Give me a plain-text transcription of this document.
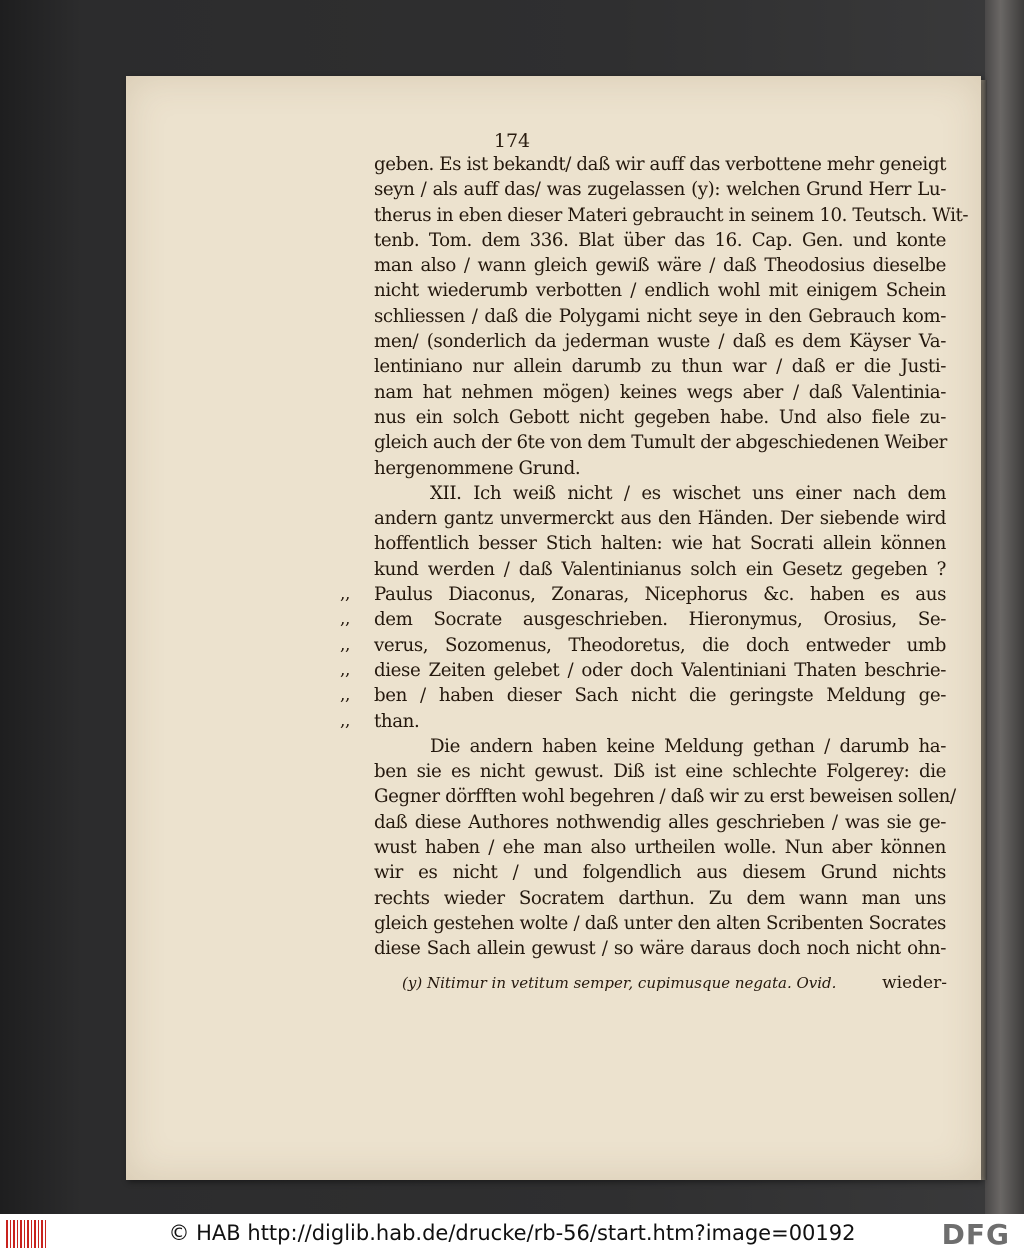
174
geben. Es ist bekandt/ daß wir auff das verbottene mehr geneigt
seyn / als auff das/ was zugelassen (y): welchen Grund Herr Lu-
therus in eben dieser Materi gebraucht in seinem 10. Teutsch. Wit-
tenb. Tom. dem 336. Blat über das 16. Cap. Gen. und konte
man also / wann gleich gewiß wäre / daß Theodosius dieselbe
nicht wiederumb verbotten / endlich wohl mit einigem Schein
schliessen / daß die Polygami nicht seye in den Gebrauch kom-
men/ (sonderlich da jederman wuste / daß es dem Käyser Va-
lentiniano nur allein darumb zu thun war / daß er die Justi-
nam hat nehmen mögen) keines wegs aber / daß Valentinia-
nus ein solch Gebott nicht gegeben habe. Und also fiele zu-
gleich auch der 6te von dem Tumult der abgeschiedenen Weiber
hergenommene Grund.
XII. Ich weiß nicht / es wischet uns einer nach dem
andern gantz unvermerckt aus den Händen. Der siebende wird
hoffentlich besser Stich halten: wie hat Socrati allein können
kund werden / daß Valentinianus solch ein Gesetz gegeben ?
,, Paulus Diaconus, Zonaras, Nicephorus &c. haben es aus
,, dem Socrate ausgeschrieben. Hieronymus, Orosius, Se-
,, verus, Sozomenus, Theodoretus, die doch entweder umb
,, diese Zeiten gelebet / oder doch Valentiniani Thaten beschrie-
,, ben / haben dieser Sach nicht die geringste Meldung ge-
,, than.
Die andern haben keine Meldung gethan / darumb ha-
ben sie es nicht gewust. Diß ist eine schlechte Folgerey: die
Gegner dörfften wohl begehren / daß wir zu erst beweisen sollen/
daß diese Authores nothwendig alles geschrieben / was sie ge-
wust haben / ehe man also urtheilen wolle. Nun aber können
wir es nicht / und folgendlich aus diesem Grund nichts
rechts wieder Socratem darthun. Zu dem wann man uns
gleich gestehen wolte / daß unter den alten Scribenten Socrates
diese Sach allein gewust / so wäre daraus doch noch nicht ohn-
(y) Nitimur in vetitum semper, cupimusque negata. Ovid.	wieder-
© HAB http://diglib.hab.de/drucke/rb-56/start.htm?image=00192	DFG
